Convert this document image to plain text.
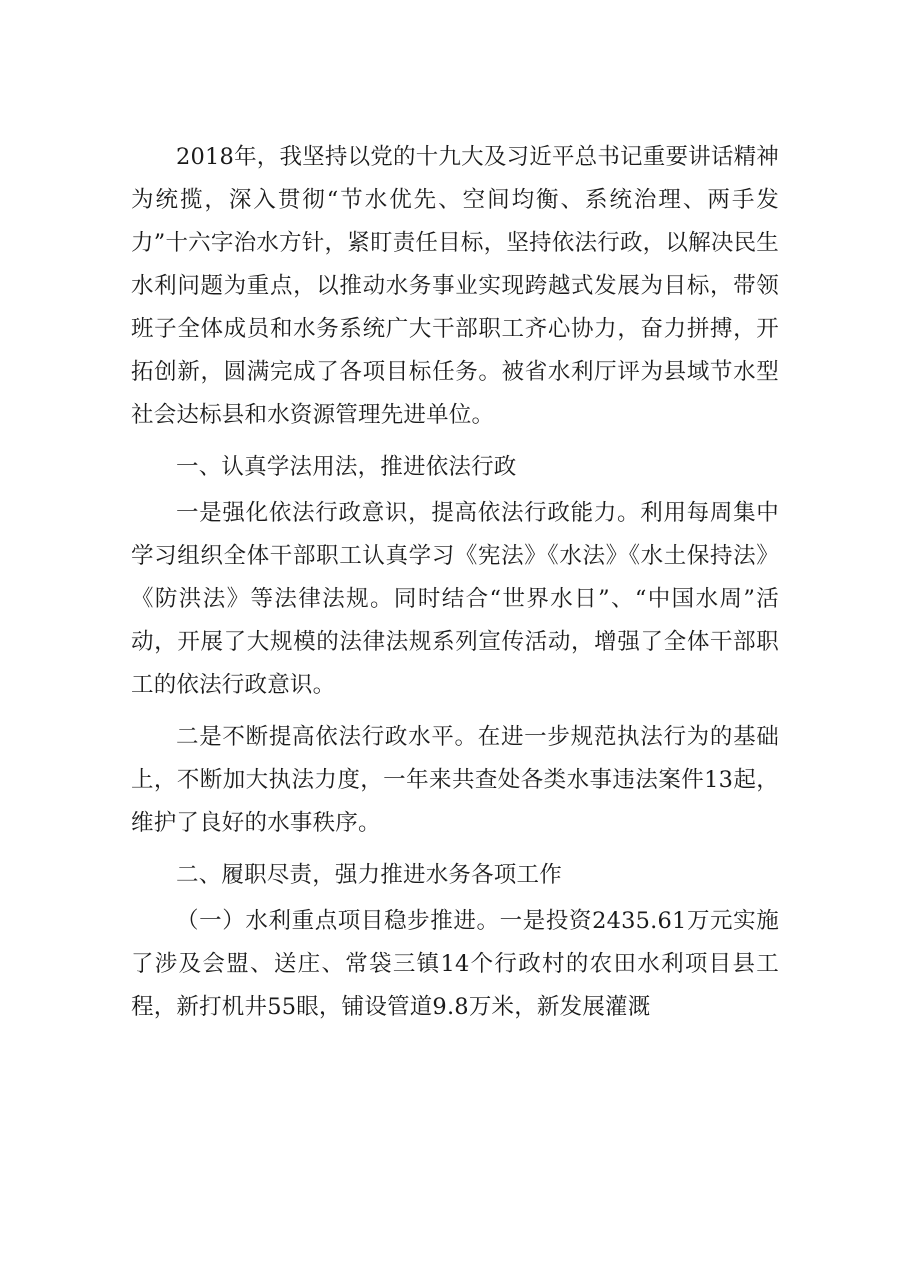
2018年，我坚持以党的十九大及习近平总书记重要讲话精神为统揽，深入贯彻“节水优先、空间均衡、系统治理、两手发力”十六字治水方针，紧盯责任目标，坚持依法行政，以解决民生水利问题为重点，以推动水务事业实现跨越式发展为目标，带领班子全体成员和水务系统广大干部职工齐心协力，奋力拼搏，开拓创新，圆满完成了各项目标任务。被省水利厅评为县域节水型社会达标县和水资源管理先进单位。

一、认真学法用法，推进依法行政

一是强化依法行政意识，提高依法行政能力。利用每周集中学习组织全体干部职工认真学习《宪法》《水法》《水土保持法》《防洪法》等法律法规。同时结合“世界水日”、“中国水周”活动，开展了大规模的法律法规系列宣传活动，增强了全体干部职工的依法行政意识。

二是不断提高依法行政水平。在进一步规范执法行为的基础上，不断加大执法力度，一年来共查处各类水事违法案件13起，维护了良好的水事秩序。

二、履职尽责，强力推进水务各项工作

（一）水利重点项目稳步推进。一是投资2435.61万元实施了涉及会盟、送庄、常袋三镇14个行政村的农田水利项目县工程，新打机井55眼，铺设管道9.8万米，新发展灌溉
